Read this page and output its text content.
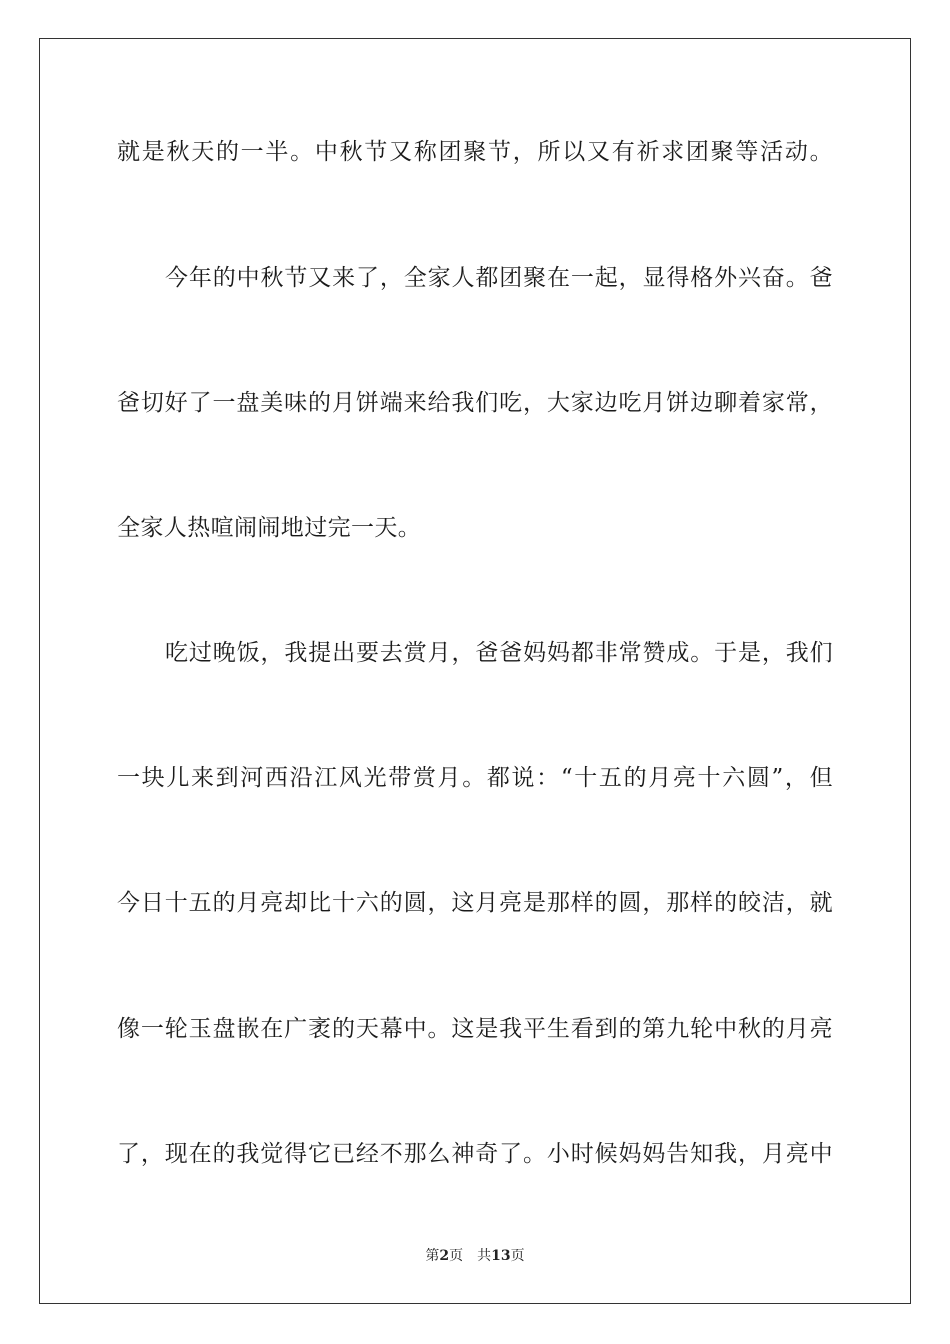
就是秋天的一半。中秋节又称团聚节，所以又有祈求团聚等活动。
今年的中秋节又来了，全家人都团聚在一起，显得格外兴奋。爸
爸切好了一盘美味的月饼端来给我们吃，大家边吃月饼边聊着家常，
全家人热喧闹闹地过完一天。
吃过晚饭，我提出要去赏月，爸爸妈妈都非常赞成。于是，我们
一块儿来到河西沿江风光带赏月。都说：“十五的月亮十六圆”，但
今日十五的月亮却比十六的圆，这月亮是那样的圆，那样的皎洁，就
像一轮玉盘嵌在广袤的天幕中。这是我平生看到的第九轮中秋的月亮
了，现在的我觉得它已经不那么神奇了。小时候妈妈告知我，月亮中
第2页 共13页
